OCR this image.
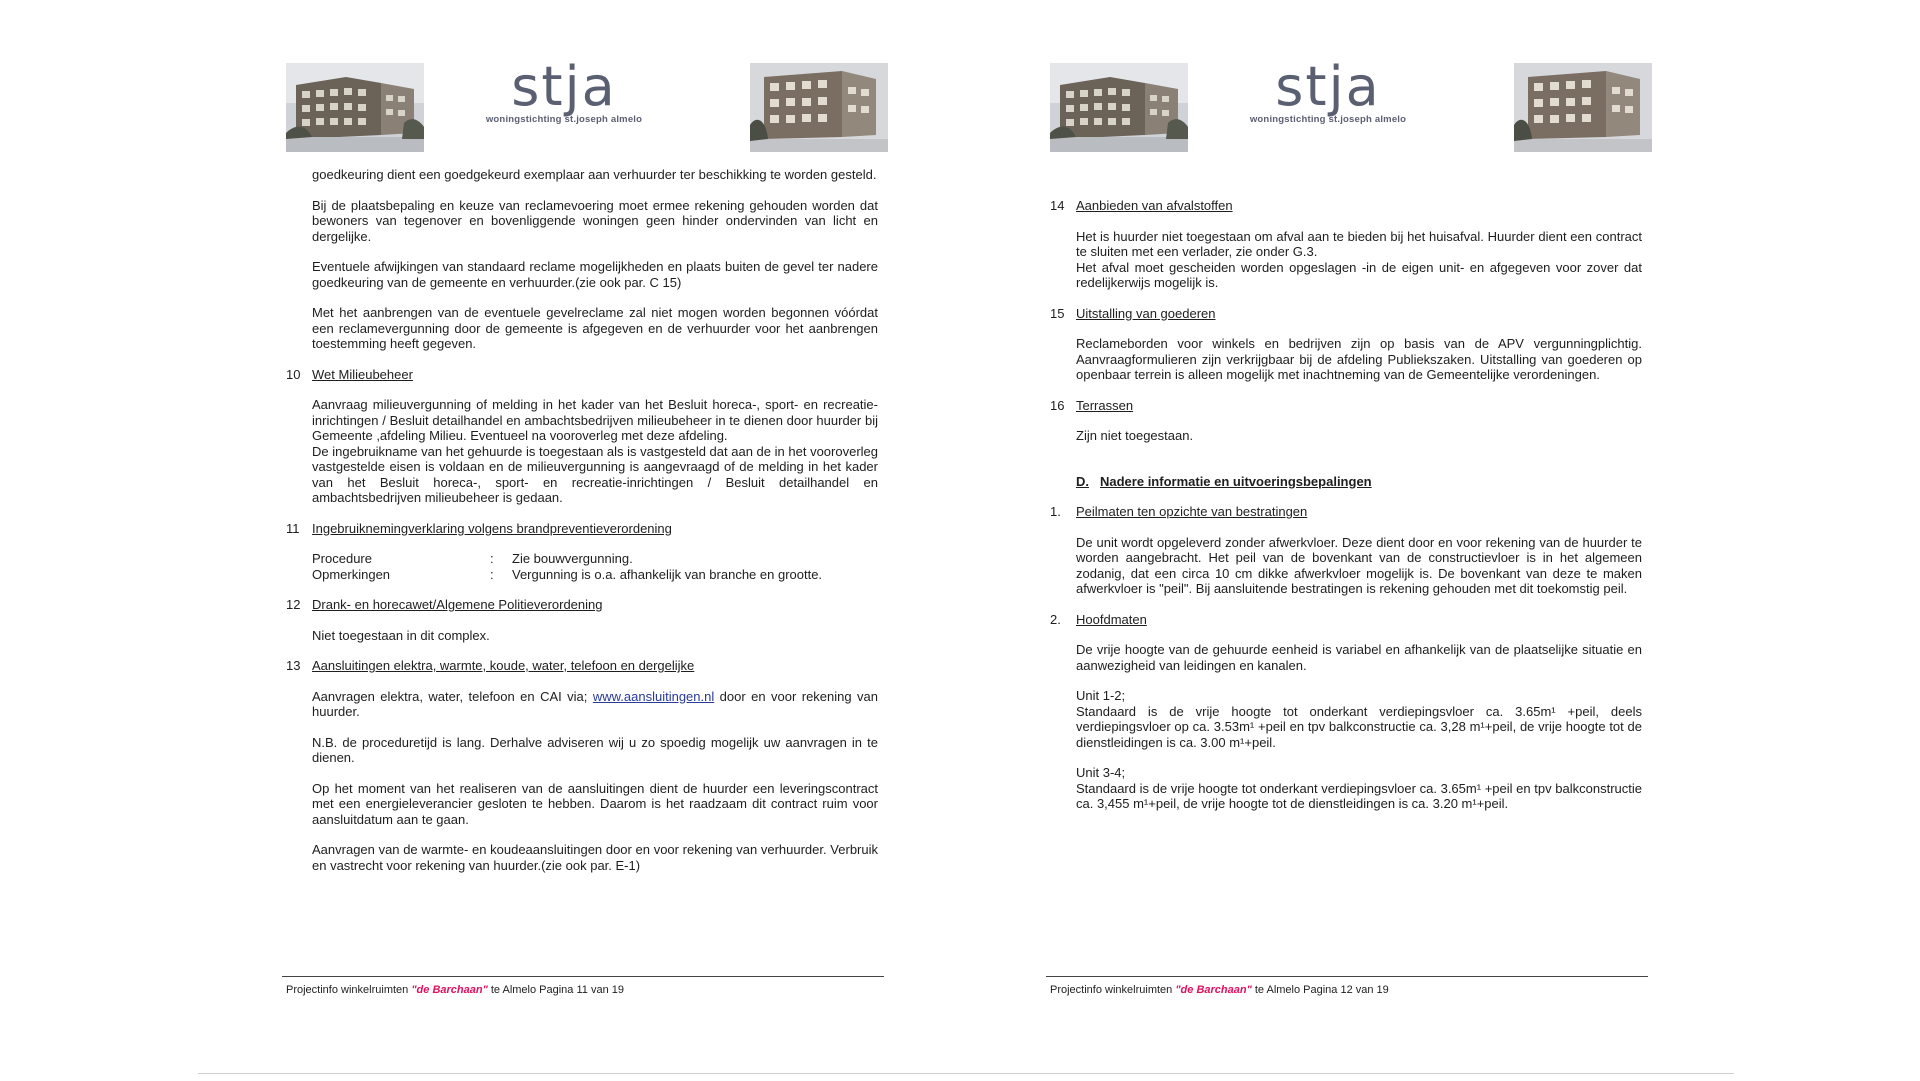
stja
woningstichting st.joseph almelo

goedkeuring dient een goedgekeurd exemplaar aan verhuurder ter beschikking te worden gesteld.

Bij de plaatsbepaling en keuze van reclamevoering moet ermee rekening gehouden worden dat bewoners van tegenover en bovenliggende woningen geen hinder ondervinden van licht en dergelijke.

Eventuele afwijkingen van standaard reclame mogelijkheden en plaats buiten de gevel ter nadere goedkeuring van de gemeente en verhuurder.(zie ook par. C 15)

Met het aanbrengen van de eventuele gevelreclame zal niet mogen worden begonnen vóórdat een reclamevergunning door de gemeente is afgegeven en de verhuurder voor het aanbrengen toestemming heeft gegeven.

10 Wet Milieubeheer

Aanvraag milieuvergunning of melding in het kader van het Besluit horeca-, sport- en recreatie-inrichtingen / Besluit detailhandel en ambachtsbedrijven milieubeheer in te dienen door huurder bij Gemeente ,afdeling Milieu. Eventueel na vooroverleg met deze afdeling.

De ingebruikname van het gehuurde is toegestaan als is vastgesteld dat aan de in het vooroverleg vastgestelde eisen is voldaan en de milieuvergunning is aangevraagd of de melding in het kader van het Besluit horeca-, sport- en recreatie-inrichtingen / Besluit detailhandel en ambachtsbedrijven milieubeheer is gedaan.

11 Ingebruiknemingverklaring volgens brandpreventieverordening

Procedure	:	Zie bouwvergunning.
Opmerkingen	:	Vergunning is o.a. afhankelijk van branche en grootte.

12 Drank- en horecawet/Algemene Politieverordening

Niet toegestaan in dit complex.

13 Aansluitingen elektra, warmte, koude, water, telefoon en dergelijke

Aanvragen elektra, water, telefoon en CAI via; www.aansluitingen.nl door en voor rekening van huurder.

N.B. de proceduretijd is lang. Derhalve adviseren wij u zo spoedig mogelijk uw aanvragen in te dienen.

Op het moment van het realiseren van de aansluitingen dient de huurder een leveringscontract met een energieleverancier gesloten te hebben. Daarom is het raadzaam dit contract ruim voor aansluitdatum aan te gaan.

Aanvragen van de warmte- en koudeaansluitingen door en voor rekening van verhuurder. Verbruik en vastrecht voor rekening van huurder.(zie ook par. E-1)

Projectinfo winkelruimten "de Barchaan" te Almelo Pagina 11 van 19
stja
woningstichting st.joseph almelo

14 Aanbieden van afvalstoffen

Het is huurder niet toegestaan om afval aan te bieden bij het huisafval. Huurder dient een contract te sluiten met een verlader, zie onder G.3.

Het afval moet gescheiden worden opgeslagen -in de eigen unit- en afgegeven voor zover dat redelijkerwijs mogelijk is.

15 Uitstalling van goederen

Reclameborden voor winkels en bedrijven zijn op basis van de APV vergunningplichtig. Aanvraagformulieren zijn verkrijgbaar bij de afdeling Publiekszaken. Uitstalling van goederen op openbaar terrein is alleen mogelijk met inachtneming van de Gemeentelijke verordeningen.

16 Terrassen

Zijn niet toegestaan.

D. Nadere informatie en uitvoeringsbepalingen

1. Peilmaten ten opzichte van bestratingen

De unit wordt opgeleverd zonder afwerkvloer. Deze dient door en voor rekening van de huurder te worden aangebracht. Het peil van de bovenkant van de constructievloer is in het algemeen zodanig, dat een circa 10 cm dikke afwerkvloer mogelijk is. De bovenkant van deze te maken afwerkvloer is "peil". Bij aansluitende bestratingen is rekening gehouden met dit toekomstig peil.

2. Hoofdmaten

De vrije hoogte van de gehuurde eenheid is variabel en afhankelijk van de plaatselijke situatie en aanwezigheid van leidingen en kanalen.

Unit 1-2;

Standaard is de vrije hoogte tot onderkant verdiepingsvloer ca. 3.65m¹ +peil, deels verdiepingsvloer op ca. 3.53m¹ +peil en tpv balkconstructie ca. 3,28 m¹+peil, de vrije hoogte tot de dienstleidingen is ca. 3.00 m¹+peil.

Unit 3-4;

Standaard is de vrije hoogte tot onderkant verdiepingsvloer ca. 3.65m¹ +peil en tpv balkconstructie ca. 3,455 m¹+peil, de vrije hoogte tot de dienstleidingen is ca. 3.20 m¹+peil.

Projectinfo winkelruimten "de Barchaan" te Almelo Pagina 12 van 19
